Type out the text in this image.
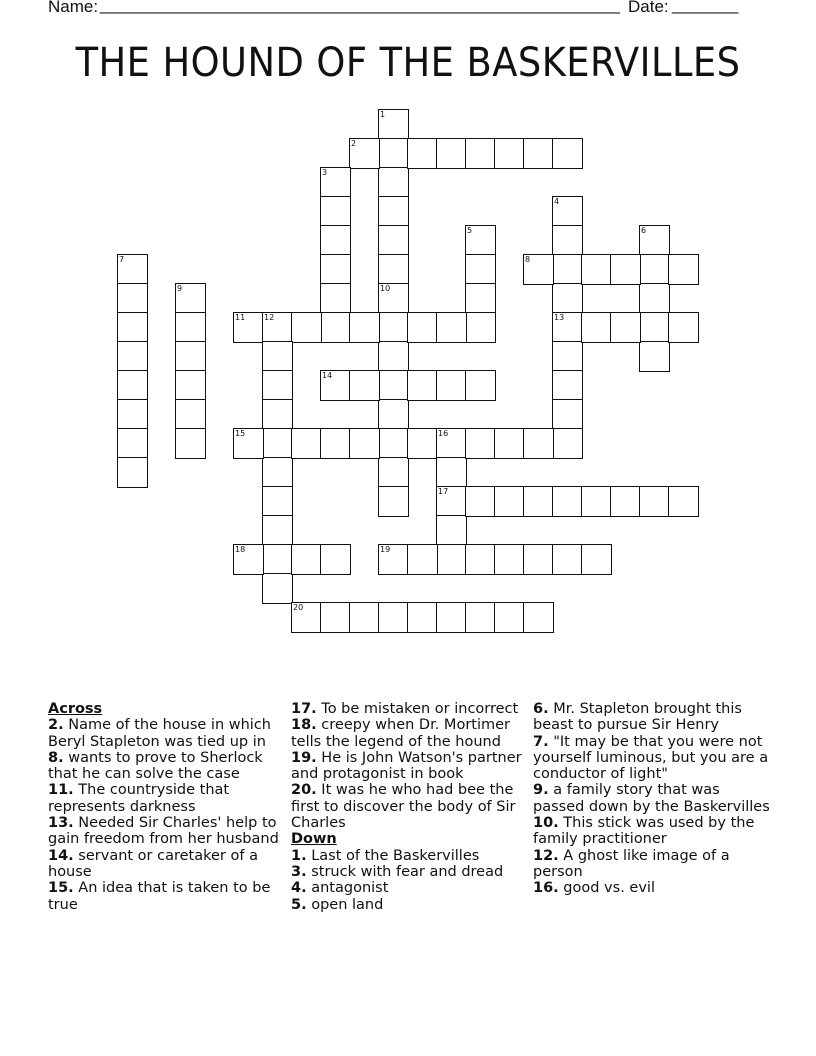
Name:
_______________________________________________________ Date:
_______
THE HOUND OF THE BASKERVILLES
1
2
3
4
13
5	6
7	8
9	10
11 12
14
15	16
17
18	19
20
Across
2. Name of the house in which Beryl Stapleton was tied up in
8. wants to prove to Sherlock that he can solve the case
11. The countryside that represents darkness
13. Needed Sir Charles' help to gain freedom from her husband
14. servant or caretaker of a house
15. An idea that is taken to be true
17. To be mistaken or incorrect
18. creepy when Dr. Mortimer tells the legend of the hound
19. He is John Watson's partner and protagonist in book
20. It was he who had bee the first to discover the body of Sir Charles
Down
1. Last of the Baskervilles
3. struck with fear and dread
4. antagonist
5. open land
6. Mr. Stapleton brought this beast to pursue Sir Henry
7. "It may be that you were not yourself luminous, but you are a conductor of light"
9. a family story that was passed down by the Baskervilles
10. This stick was used by the family practitioner
12. A ghost like image of a person
16. good vs. evil
